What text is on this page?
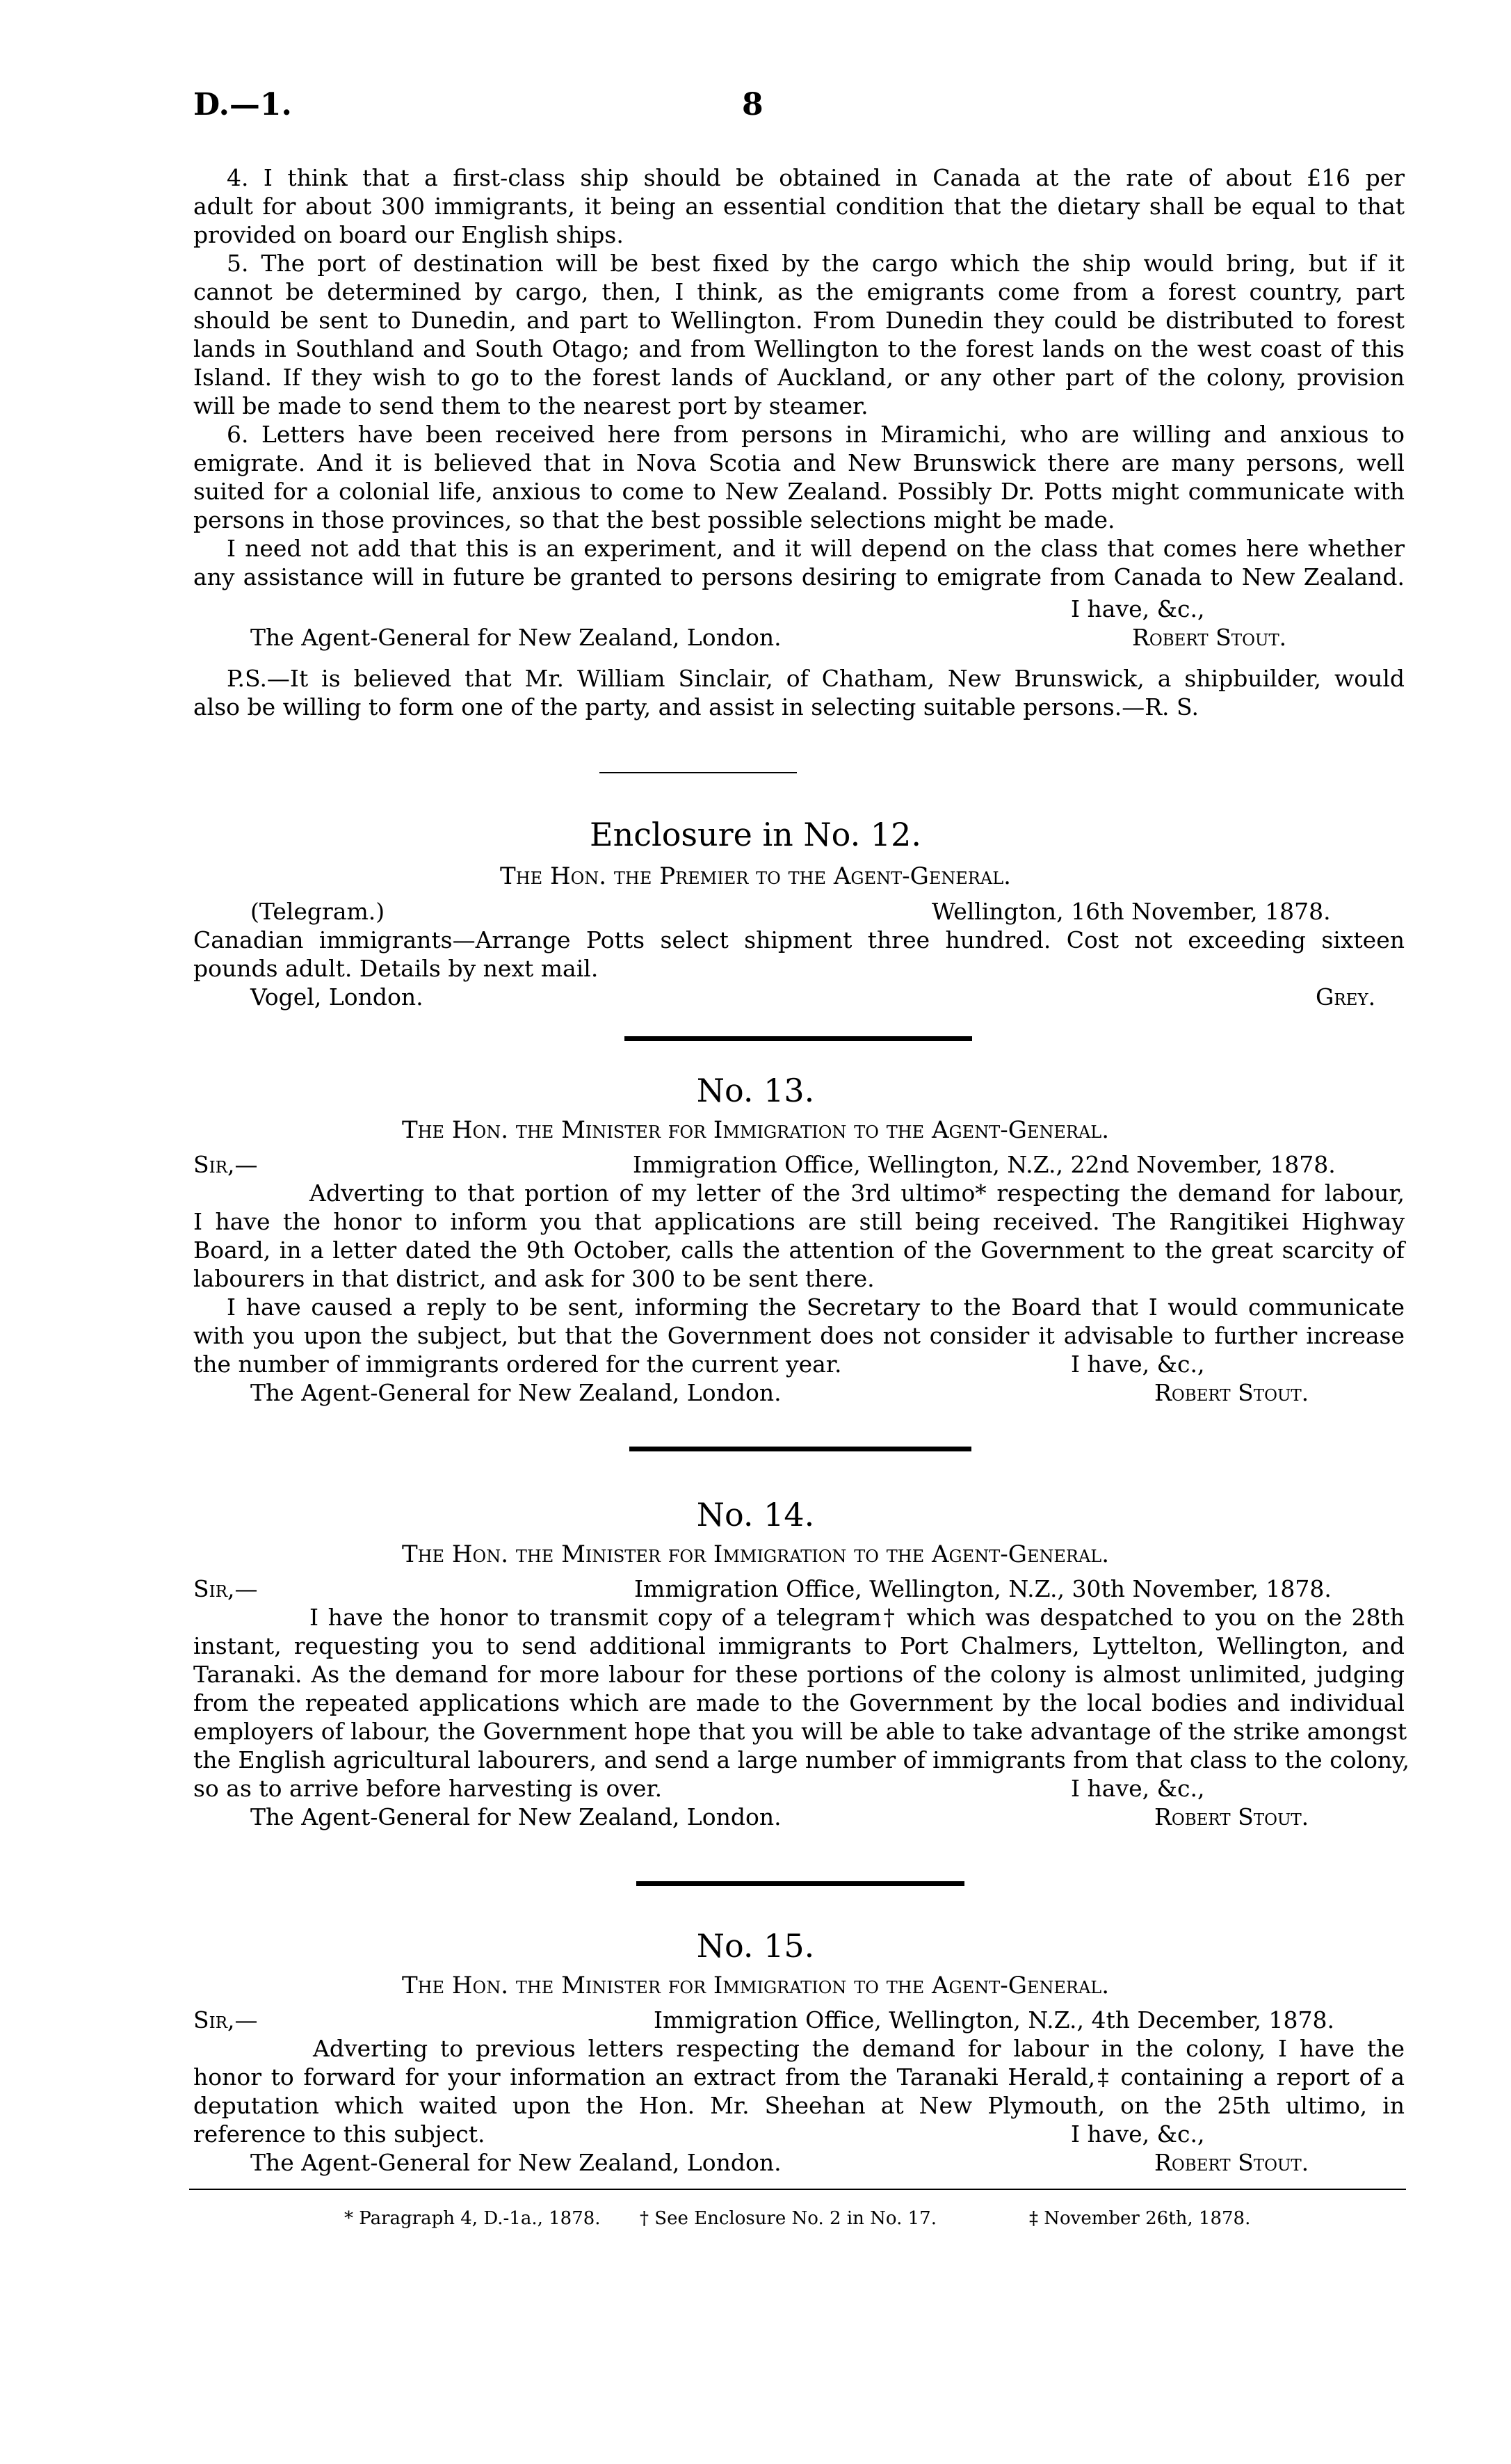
D.—1.	8
4. I think that a first-class ship should be obtained in Canada at the rate of about £16 per
adult for about 300 immigrants, it being an essential condition that the dietary shall be equal to that
provided on board our English ships.
5. The port of destination will be best fixed by the cargo which the ship would bring, but if it
cannot be determined by cargo, then, I think, as the emigrants come from a forest country, part
should be sent to Dunedin, and part to Wellington. From Dunedin they could be distributed to forest
lands in Southland and South Otago; and from Wellington to the forest lands on the west coast of this
Island. If they wish to go to the forest lands of Auckland, or any other part of the colony, provision
will be made to send them to the nearest port by steamer.
6. Letters have been received here from persons in Miramichi, who are willing and anxious to
emigrate. And it is believed that in Nova Scotia and New Brunswick there are many persons, well
suited for a colonial life, anxious to come to New Zealand. Possibly Dr. Potts might communicate with
persons in those provinces, so that the best possible selections might be made.
I need not add that this is an experiment, and it will depend on the class that comes here whether
any assistance will in future be granted to persons desiring to emigrate from Canada to New Zealand.
I have, &c.,
The Agent-General for New Zealand, London.	Robert Stout.
P.S.—It is believed that Mr. William Sinclair, of Chatham, New Brunswick, a shipbuilder, would
also be willing to form one of the party, and assist in selecting suitable persons.—R. S.
Enclosure in No. 12.
The Hon. the Premier to the Agent-General.
(Telegram.)	Wellington, 16th November, 1878.
Canadian immigrants—Arrange Potts select shipment three hundred. Cost not exceeding sixteen
pounds adult. Details by next mail.
Vogel, London.	Grey.
No. 13.
The Hon. the Minister for Immigration to the Agent-General.
Sir,—	Immigration Office, Wellington, N.Z., 22nd November, 1878.
Adverting to that portion of my letter of the 3rd ultimo* respecting the demand for labour,
I have the honor to inform you that applications are still being received. The Rangitikei Highway
Board, in a letter dated the 9th October, calls the attention of the Government to the great scarcity of
labourers in that district, and ask for 300 to be sent there.
I have caused a reply to be sent, informing the Secretary to the Board that I would communicate
with you upon the subject, but that the Government does not consider it advisable to further increase
the number of immigrants ordered for the current year.	I have, &c.,
The Agent-General for New Zealand, London.	Robert Stout.
No. 14.
The Hon. the Minister for Immigration to the Agent-General.
Sir,—	Immigration Office, Wellington, N.Z., 30th November, 1878.
I have the honor to transmit copy of a telegram† which was despatched to you on the 28th
instant, requesting you to send additional immigrants to Port Chalmers, Lyttelton, Wellington, and
Taranaki. As the demand for more labour for these portions of the colony is almost unlimited, judging
from the repeated applications which are made to the Government by the local bodies and individual
employers of labour, the Government hope that you will be able to take advantage of the strike amongst
the English agricultural labourers, and send a large number of immigrants from that class to the colony,
so as to arrive before harvesting is over.	I have, &c.,
The Agent-General for New Zealand, London.	Robert Stout.
No. 15.
The Hon. the Minister for Immigration to the Agent-General.
Sir,—	Immigration Office, Wellington, N.Z., 4th December, 1878.
Adverting to previous letters respecting the demand for labour in the colony, I have the
honor to forward for your information an extract from the Taranaki Herald,‡ containing a report of a
deputation which waited upon the Hon. Mr. Sheehan at New Plymouth, on the 25th ultimo, in
reference to this subject.	I have, &c.,
The Agent-General for New Zealand, London.	Robert Stout.
* Paragraph 4, D.-1a., 1878.	† See Enclosure No. 2 in No. 17.	‡ November 26th, 1878.
